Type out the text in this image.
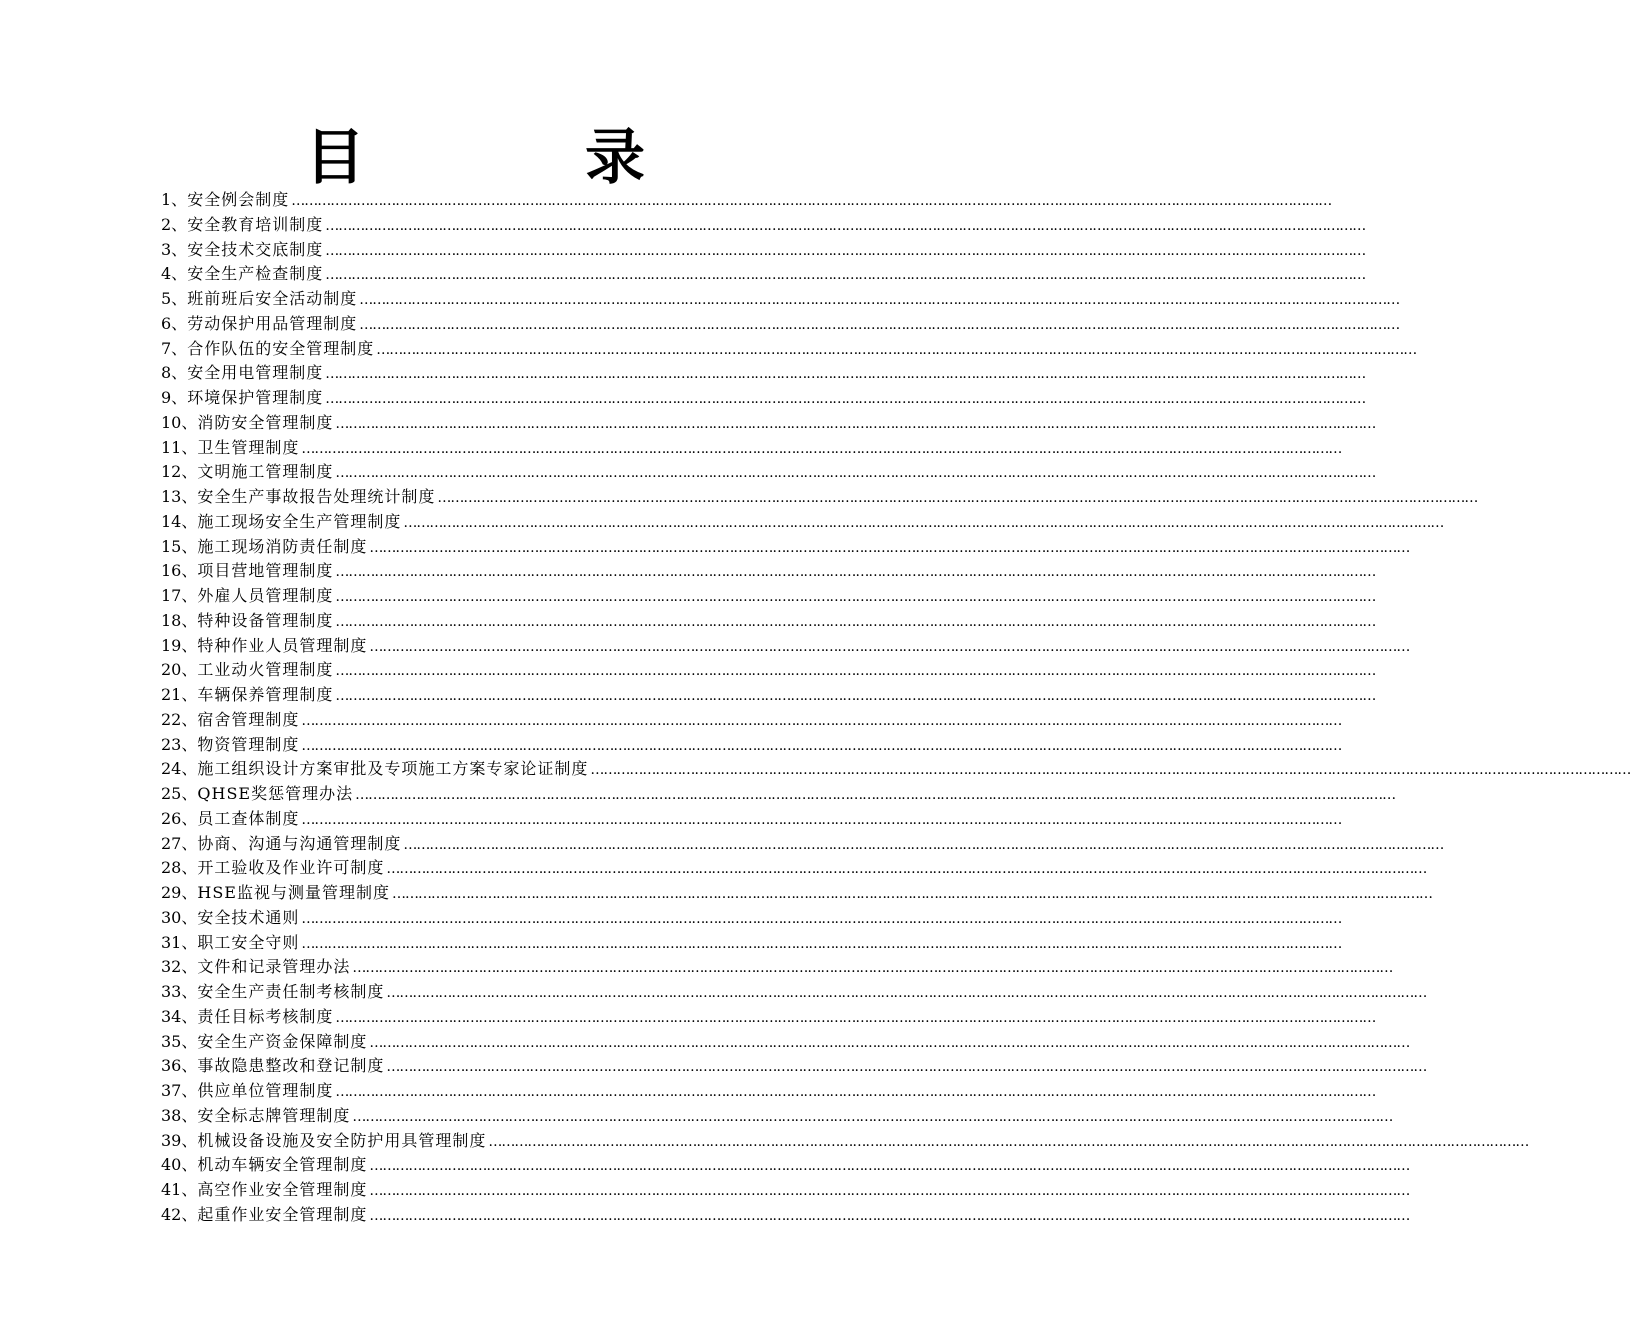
目　录
1、 安全例会制度 ……………………………………………………………………………………………………………………………………………………………………………………………………………………
2、 安全教育培训制度 ……………………………………………………………………………………………………………………………………………………………………………………………………………………
3、 安全技术交底制度 ……………………………………………………………………………………………………………………………………………………………………………………………………………………
4、 安全生产检查制度 ……………………………………………………………………………………………………………………………………………………………………………………………………………………
5、 班前班后安全活动制度 ……………………………………………………………………………………………………………………………………………………………………………………………………………………
6、 劳动保护用品管理制度 ……………………………………………………………………………………………………………………………………………………………………………………………………………………
7、 合作队伍的安全管理制度 ……………………………………………………………………………………………………………………………………………………………………………………………………………………
8、 安全用电管理制度 ……………………………………………………………………………………………………………………………………………………………………………………………………………………
9、 环境保护管理制度 ……………………………………………………………………………………………………………………………………………………………………………………………………………………
10、 消防安全管理制度 ……………………………………………………………………………………………………………………………………………………………………………………………………………………
11、 卫生管理制度 ……………………………………………………………………………………………………………………………………………………………………………………………………………………
12、 文明施工管理制度 ……………………………………………………………………………………………………………………………………………………………………………………………………………………
13、 安全生产事故报告处理统计制度 ……………………………………………………………………………………………………………………………………………………………………………………………………………………
14、 施工现场安全生产管理制度 ……………………………………………………………………………………………………………………………………………………………………………………………………………………
15、 施工现场消防责任制度 ……………………………………………………………………………………………………………………………………………………………………………………………………………………
16、 项目营地管理制度 ……………………………………………………………………………………………………………………………………………………………………………………………………………………
17、 外雇人员管理制度 ……………………………………………………………………………………………………………………………………………………………………………………………………………………
18、 特种设备管理制度 ……………………………………………………………………………………………………………………………………………………………………………………………………………………
19、 特种作业人员管理制度 ……………………………………………………………………………………………………………………………………………………………………………………………………………………
20、 工业动火管理制度 ……………………………………………………………………………………………………………………………………………………………………………………………………………………
21、 车辆保养管理制度 ……………………………………………………………………………………………………………………………………………………………………………………………………………………
22、 宿舍管理制度 ……………………………………………………………………………………………………………………………………………………………………………………………………………………
23、 物资管理制度 ……………………………………………………………………………………………………………………………………………………………………………………………………………………
24、 施工组织设计方案审批及专项施工方案专家论证制度 ……………………………………………………………………………………………………………………………………………………………………………………………………………………
25、 QHSE奖惩管理办法 ……………………………………………………………………………………………………………………………………………………………………………………………………………………
26、 员工查体制度 ……………………………………………………………………………………………………………………………………………………………………………………………………………………
27、 协商、沟通与沟通管理制度 ……………………………………………………………………………………………………………………………………………………………………………………………………………………
28、 开工验收及作业许可制度 ……………………………………………………………………………………………………………………………………………………………………………………………………………………
29、 HSE监视与测量管理制度 ……………………………………………………………………………………………………………………………………………………………………………………………………………………
30、 安全技术通则 ……………………………………………………………………………………………………………………………………………………………………………………………………………………
31、 职工安全守则 ……………………………………………………………………………………………………………………………………………………………………………………………………………………
32、 文件和记录管理办法 ……………………………………………………………………………………………………………………………………………………………………………………………………………………
33、 安全生产责任制考核制度 ……………………………………………………………………………………………………………………………………………………………………………………………………………………
34、 责任目标考核制度 ……………………………………………………………………………………………………………………………………………………………………………………………………………………
35、 安全生产资金保障制度 ……………………………………………………………………………………………………………………………………………………………………………………………………………………
36、 事故隐患整改和登记制度 ……………………………………………………………………………………………………………………………………………………………………………………………………………………
37、 供应单位管理制度 ……………………………………………………………………………………………………………………………………………………………………………………………………………………
38、 安全标志牌管理制度 ……………………………………………………………………………………………………………………………………………………………………………………………………………………
39、 机械设备设施及安全防护用具管理制度 ……………………………………………………………………………………………………………………………………………………………………………………………………………………
40、 机动车辆安全管理制度 ……………………………………………………………………………………………………………………………………………………………………………………………………………………
41、 高空作业安全管理制度 ……………………………………………………………………………………………………………………………………………………………………………………………………………………
42、 起重作业安全管理制度 ……………………………………………………………………………………………………………………………………………………………………………………………………………………
